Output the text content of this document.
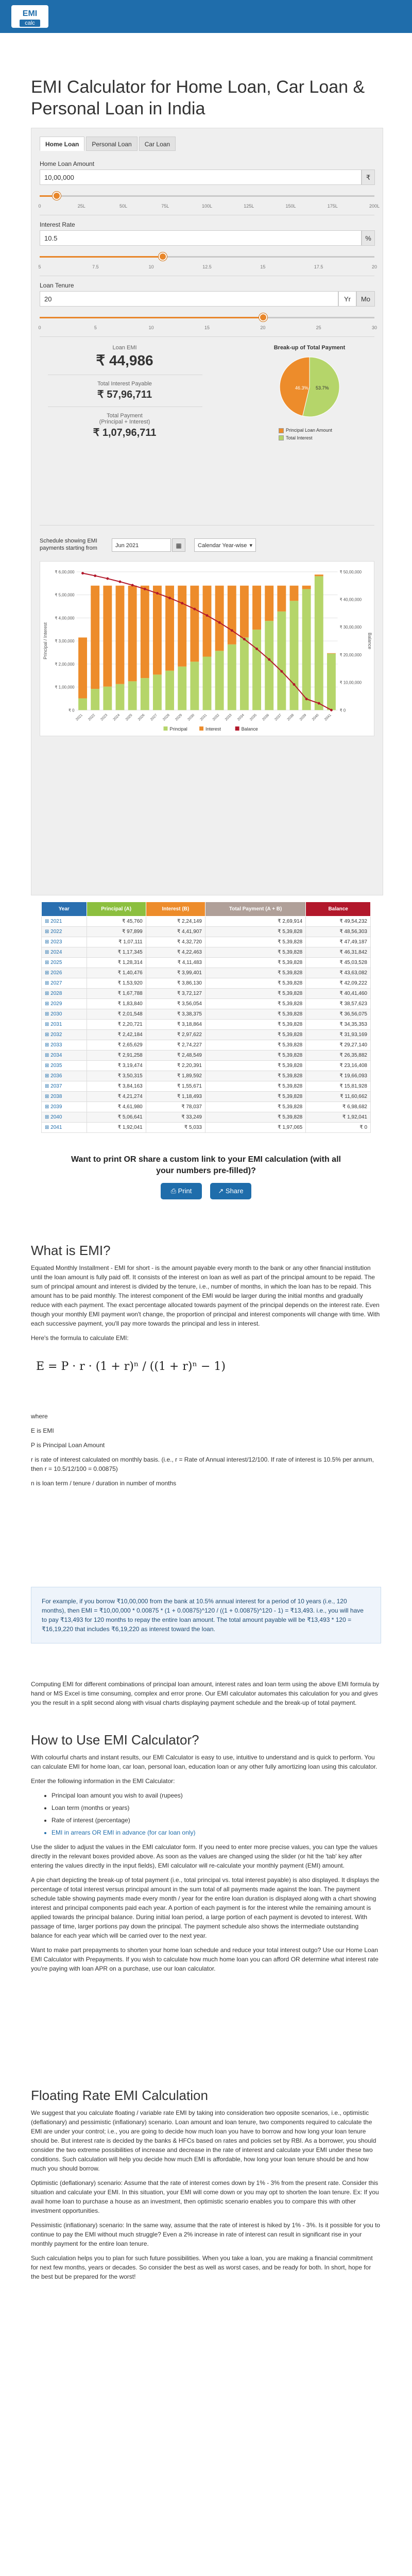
EMI
calc
EMI Calculator for Home Loan, Car Loan & Personal Loan in India
Home Loan Personal Loan Car Loan
Home Loan Amount
10,00,000	₹
0	25L	50L	75L	100L	125L	150L	175L	200L
Interest Rate
10.5	%
5	7.5	10	12.5	15	17.5	20
Loan Tenure
20	Yr	Mo
0	5	10	15	20	25	30
Loan EMI
₹ 44,986
Total Interest Payable
₹ 57,96,711
Total Payment
(Principal + Interest)
₹ 1,07,96,711
Break-up of Total Payment
46.3% 53.7%
Principal Loan Amount
Total Interest
Schedule showing EMI payments starting from	Jun 2021	▦	Calendar Year-wise ▾
₹ 0
₹ 1,00,000
₹ 2,00,000
₹ 3,00,000
₹ 4,00,000
₹ 5,00,000
₹ 6,00,000
₹ 0
₹ 10,00,000
₹ 20,00,000
₹ 30,00,000
₹ 40,00,000
₹ 50,00,000
Principal / Interest	Balance
2021 2022 2023 2024 2025 2026 2027 2028 2029 2030 2031 2032 2033 2034 2035 2036 2037 2038 2039 2040 2041
Principal	Interest	Balance
Year	Principal (A)	Interest (B)	Total Payment (A + B)	Balance
⊞ 2021	₹ 45,760	₹ 2,24,149	₹ 2,69,914	₹ 49,54,232
⊞ 2022	₹ 97,899	₹ 4,41,907	₹ 5,39,828	₹ 48,56,303
⊞ 2023	₹ 1,07,111	₹ 4,32,720	₹ 5,39,828	₹ 47,49,187
⊞ 2024	₹ 1,17,345	₹ 4,22,463	₹ 5,39,828	₹ 46,31,842
⊞ 2025	₹ 1,28,314	₹ 4,11,483	₹ 5,39,828	₹ 45,03,528
⊞ 2026	₹ 1,40,476	₹ 3,99,401	₹ 5,39,828	₹ 43,63,082
⊞ 2027	₹ 1,53,920	₹ 3,86,130	₹ 5,39,828	₹ 42,09,222
⊞ 2028	₹ 1,67,788	₹ 3,72,127	₹ 5,39,828	₹ 40,41,460
⊞ 2029	₹ 1,83,840	₹ 3,56,054	₹ 5,39,828	₹ 38,57,623
⊞ 2030	₹ 2,01,548	₹ 3,38,375	₹ 5,39,828	₹ 36,56,075
⊞ 2031	₹ 2,20,721	₹ 3,18,864	₹ 5,39,828	₹ 34,35,353
⊞ 2032	₹ 2,42,184	₹ 2,97,622	₹ 5,39,828	₹ 31,93,169
⊞ 2033	₹ 2,65,629	₹ 2,74,227	₹ 5,39,828	₹ 29,27,140
⊞ 2034	₹ 2,91,258	₹ 2,48,549	₹ 5,39,828	₹ 26,35,882
⊞ 2035	₹ 3,19,474	₹ 2,20,391	₹ 5,39,828	₹ 23,16,408
⊞ 2036	₹ 3,50,315	₹ 1,89,592	₹ 5,39,828	₹ 19,66,093
⊞ 2037	₹ 3,84,163	₹ 1,55,671	₹ 5,39,828	₹ 15,81,928
⊞ 2038	₹ 4,21,274	₹ 1,18,493	₹ 5,39,828	₹ 11,60,662
⊞ 2039	₹ 4,61,980	₹ 78,037	₹ 5,39,828	₹ 6,98,682
⊞ 2040	₹ 5,06,641	₹ 33,249	₹ 5,39,828	₹ 1,92,041
⊞ 2041	₹ 1,92,041	₹ 5,033	₹ 1,97,065	₹ 0
Want to print OR share a custom link to your EMI calculation (with all your numbers pre-filled)?
⎙ Print	↗ Share
What is EMI?

Equated Monthly Installment - EMI for short - is the amount payable every month to the bank or any other financial institution until the loan amount is fully paid off. It consists of the interest on loan as well as part of the principal amount to be repaid. The sum of principal amount and interest is divided by the tenure, i.e., number of months, in which the loan has to be repaid. This amount has to be paid monthly. The interest component of the EMI would be larger during the initial months and gradually reduce with each payment. The exact percentage allocated towards payment of the principal depends on the interest rate. Even though your monthly EMI payment won't change, the proportion of principal and interest components will change with time. With each successive payment, you'll pay more towards the principal and less in interest.

Here's the formula to calculate EMI:

E = P · r · (1 + r)ⁿ / ((1 + r)ⁿ − 1)

where

E is EMI

P is Principal Loan Amount

r is rate of interest calculated on monthly basis. (i.e., r = Rate of Annual interest/12/100. If rate of interest is 10.5% per annum, then r = 10.5/12/100 = 0.00875)

n is loan term / tenure / duration in number of months

For example, if you borrow ₹10,00,000 from the bank at 10.5% annual interest for a period of 10 years (i.e., 120 months), then EMI = ₹10,00,000 * 0.00875 * (1 + 0.00875)^120 / ((1 + 0.00875)^120 - 1) = ₹13,493. i.e., you will have to pay ₹13,493 for 120 months to repay the entire loan amount. The total amount payable will be ₹13,493 * 120 = ₹16,19,220 that includes ₹6,19,220 as interest toward the loan.

Computing EMI for different combinations of principal loan amount, interest rates and loan term using the above EMI formula by hand or MS Excel is time consuming, complex and error prone. Our EMI calculator automates this calculation for you and gives you the result in a split second along with visual charts displaying payment schedule and the break-up of total payment.

How to Use EMI Calculator?

With colourful charts and instant results, our EMI Calculator is easy to use, intuitive to understand and is quick to perform. You can calculate EMI for home loan, car loan, personal loan, education loan or any other fully amortizing loan using this calculator.

Enter the following information in the EMI Calculator:

• Principal loan amount you wish to avail (rupees)
• Loan term (months or years)
• Rate of interest (percentage)
• EMI in arrears OR EMI in advance (for car loan only)

Use the slider to adjust the values in the EMI calculator form. If you need to enter more precise values, you can type the values directly in the relevant boxes provided above. As soon as the values are changed using the slider (or hit the 'tab' key after entering the values directly in the input fields), EMI calculator will re-calculate your monthly payment (EMI) amount.

A pie chart depicting the break-up of total payment (i.e., total principal vs. total interest payable) is also displayed. It displays the percentage of total interest versus principal amount in the sum total of all payments made against the loan. The payment schedule table showing payments made every month / year for the entire loan duration is displayed along with a chart showing interest and principal components paid each year. A portion of each payment is for the interest while the remaining amount is applied towards the principal balance. During initial loan period, a large portion of each payment is devoted to interest. With passage of time, larger portions pay down the principal. The payment schedule also shows the intermediate outstanding balance for each year which will be carried over to the next year.

Want to make part prepayments to shorten your home loan schedule and reduce your total interest outgo? Use our Home Loan EMI Calculator with Prepayments. If you wish to calculate how much home loan you can afford OR determine what interest rate you're paying with loan APR on a purchase, use our loan calculator.

Floating Rate EMI Calculation

We suggest that you calculate floating / variable rate EMI by taking into consideration two opposite scenarios, i.e., optimistic (deflationary) and pessimistic (inflationary) scenario. Loan amount and loan tenure, two components required to calculate the EMI are under your control; i.e., you are going to decide how much loan you have to borrow and how long your loan tenure should be. But interest rate is decided by the banks & HFCs based on rates and policies set by RBI. As a borrower, you should consider the two extreme possibilities of increase and decrease in the rate of interest and calculate your EMI under these two conditions. Such calculation will help you decide how much EMI is affordable, how long your loan tenure should be and how much you should borrow.

Optimistic (deflationary) scenario: Assume that the rate of interest comes down by 1% - 3% from the present rate. Consider this situation and calculate your EMI. In this situation, your EMI will come down or you may opt to shorten the loan tenure. Ex: If you avail home loan to purchase a house as an investment, then optimistic scenario enables you to compare this with other investment opportunities.

Pessimistic (inflationary) scenario: In the same way, assume that the rate of interest is hiked by 1% - 3%. Is it possible for you to continue to pay the EMI without much struggle? Even a 2% increase in rate of interest can result in significant rise in your monthly payment for the entire loan tenure.

Such calculation helps you to plan for such future possibilities. When you take a loan, you are making a financial commitment for next few months, years or decades. So consider the best as well as worst cases, and be ready for both. In short, hope for the best but be prepared for the worst!
